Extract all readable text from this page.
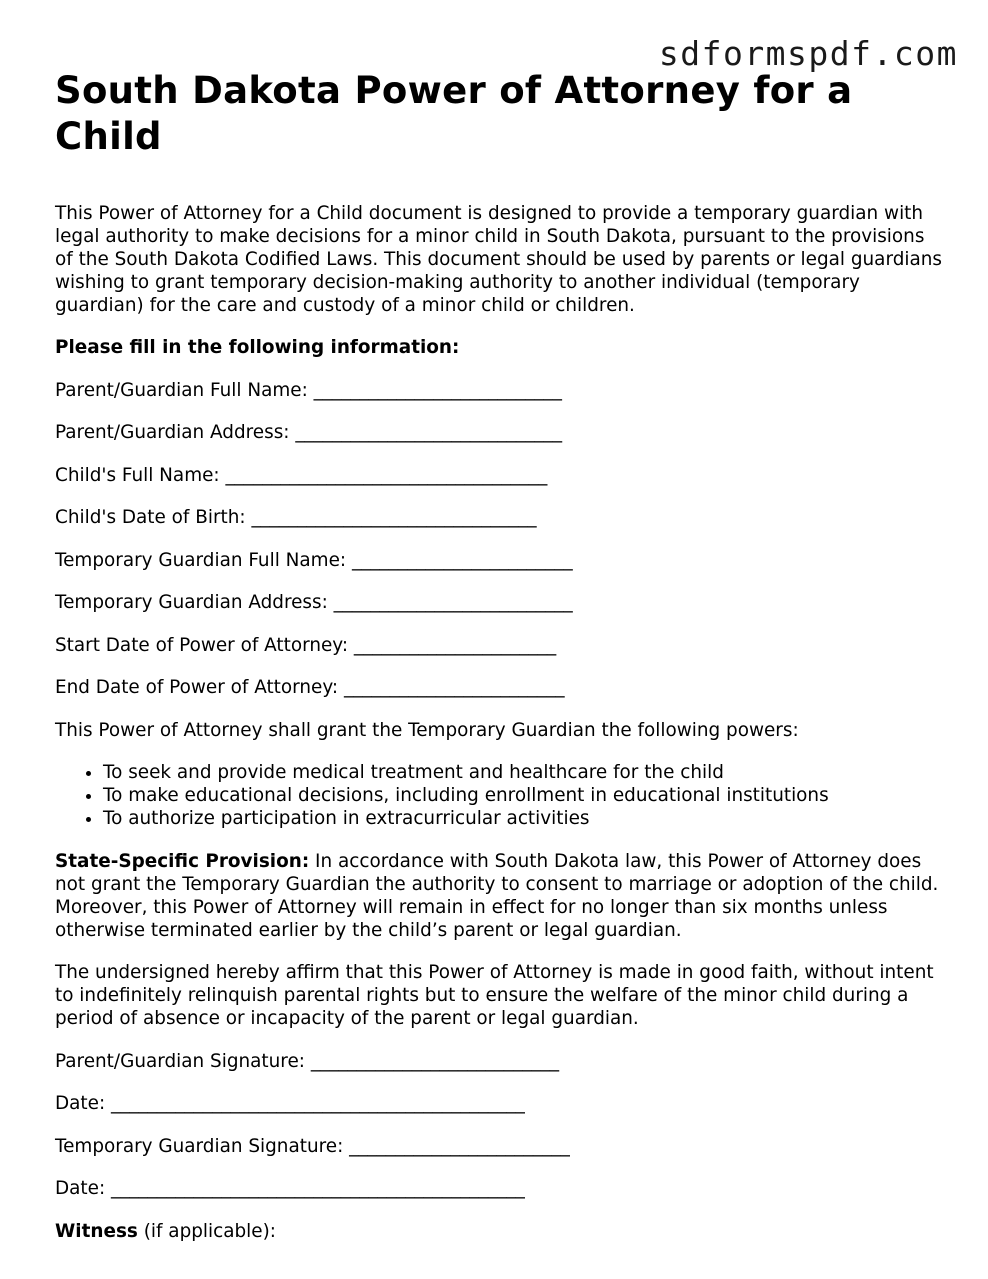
sdformspdf.com
South Dakota Power of Attorney for a Child

This Power of Attorney for a Child document is designed to provide a temporary guardian with legal authority to make decisions for a minor child in South Dakota, pursuant to the provisions of the South Dakota Codified Laws. This document should be used by parents or legal guardians wishing to grant temporary decision-making authority to another individual (temporary guardian) for the care and custody of a minor child or children.

Please fill in the following information:

Parent/Guardian Full Name: ___________________________
Parent/Guardian Address: _____________________________
Child's Full Name: ___________________________________
Child's Date of Birth: _______________________________
Temporary Guardian Full Name: ________________________
Temporary Guardian Address: __________________________
Start Date of Power of Attorney: ______________________
End Date of Power of Attorney: ________________________

This Power of Attorney shall grant the Temporary Guardian the following powers:

• To seek and provide medical treatment and healthcare for the child
• To make educational decisions, including enrollment in educational institutions
• To authorize participation in extracurricular activities

State-Specific Provision: In accordance with South Dakota law, this Power of Attorney does not grant the Temporary Guardian the authority to consent to marriage or adoption of the child. Moreover, this Power of Attorney will remain in effect for no longer than six months unless otherwise terminated earlier by the child’s parent or legal guardian.

The undersigned hereby affirm that this Power of Attorney is made in good faith, without intent to indefinitely relinquish parental rights but to ensure the welfare of the minor child during a period of absence or incapacity of the parent or legal guardian.

Parent/Guardian Signature: ___________________________
Date: _____________________________________________
Temporary Guardian Signature: ________________________
Date: _____________________________________________

Witness (if applicable):
